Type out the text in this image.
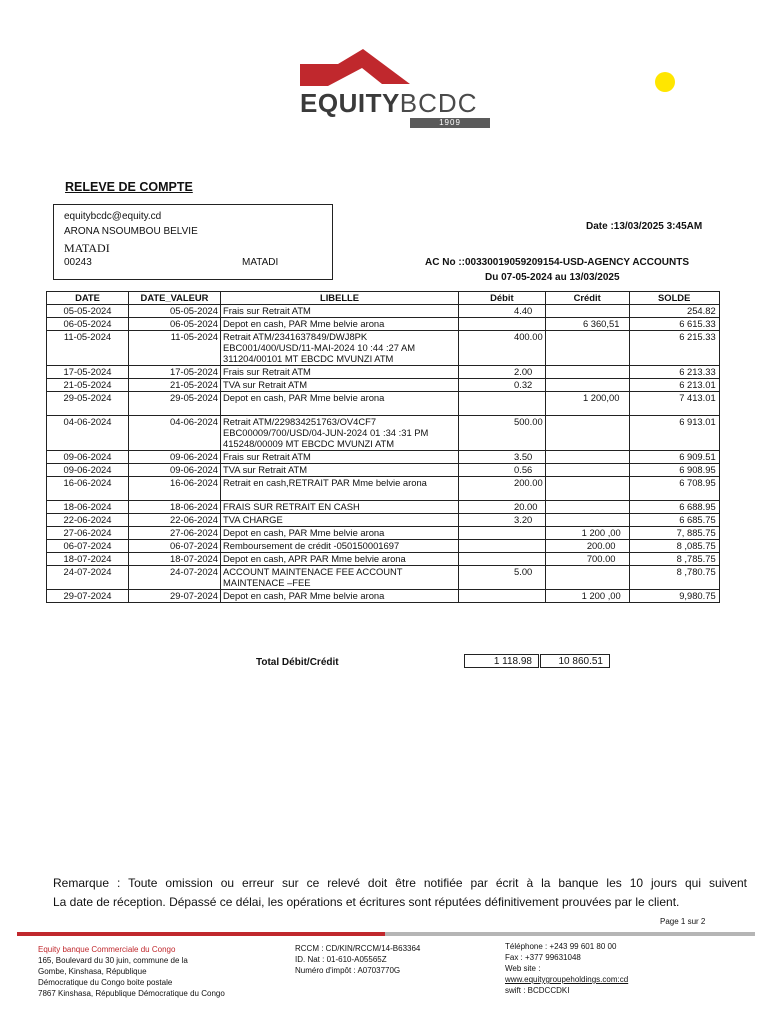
EQUITYBCDC
1909
RELEVE DE COMPTE
equitybcdc@equity.cd
ARONA NSOUMBOU BELVIE
MATADI
00243	MATADI
Date :13/03/2025 3:45AM
AC No ::00330019059209154-USD-AGENCY ACCOUNTS
Du 07-05-2024 au 13/03/2025
DATE	DATE_VALEUR	LIBELLE	Débit	Crédit	SOLDE
05-05-2024	05-05-2024	Frais sur Retrait ATM	4.40		254.82
06-05-2024	06-05-2024	Depot en cash, PAR Mme belvie arona		6 360,51	6 615.33
11-05-2024	11-05-2024	Retrait ATM/2341637849/DWJ8PK EBC001/400/USD/11-MAI-2024 10 :44 :27 AM 311204/00101 MT EBCDC MVUNZI ATM	400.00		6 215.33
17-05-2024	17-05-2024	Frais sur Retrait ATM	2.00		6 213.33
21-05-2024	21-05-2024	TVA sur Retrait ATM	0.32		6 213.01
29-05-2024	29-05-2024	Depot en cash, PAR Mme belvie arona		1 200,00	7 413.01
04-06-2024	04-06-2024	Retrait ATM/229834251763/OV4CF7 EBC00009/700/USD/04-JUN-2024 01 :34 :31 PM 415248/00009 MT EBCDC MVUNZI ATM	500.00		6 913.01
09-06-2024	09-06-2024	Frais sur Retrait ATM	3.50		6 909.51
09-06-2024	09-06-2024	TVA sur Retrait ATM	0.56		6 908.95
16-06-2024	16-06-2024	Retrait en cash,RETRAIT PAR Mme belvie arona	200.00		6 708.95
18-06-2024	18-06-2024	FRAIS SUR RETRAIT EN CASH	20.00		6 688.95
22-06-2024	22-06-2024	TVA CHARGE	3.20		6 685.75
27-06-2024	27-06-2024	Depot en cash, PAR Mme belvie arona		1 200 ,00	7, 885.75
06-07-2024	06-07-2024	Remboursement de crédit -050150001697		200.00	8 ,085.75
18-07-2024	18-07-2024	Depot en cash, APR PAR Mme belvie arona		700.00	8 ,785.75
24-07-2024	24-07-2024	ACCOUNT MAINTENACE FEE ACCOUNT MAINTENACE –FEE	5.00		8 ,780.75
29-07-2024	29-07-2024	Depot en cash, PAR Mme belvie arona		1 200 ,00	9,980.75
Total Débit/Crédit	1 118.98	10 860.51
Remarque : Toute omission ou erreur sur ce relevé doit être notifiée par écrit à la banque les 10 jours qui suivent
La date de réception. Dépassé ce délai, les opérations et écritures sont réputées définitivement prouvées par le client.
Page 1 sur 2
Equity banque Commerciale du Congo
165, Boulevard du 30 juin, commune de la
Gombe, Kinshasa, République
Démocratique du Congo boite postale
7867 Kinshasa, République Démocratique du Congo
RCCM : CD/KIN/RCCM/14-B63364
ID. Nat : 01-610-A05565Z
Numéro d'impôt : A0703770G
Téléphone : +243 99 601 80 00
Fax : +377 99631048
Web site :
www.equitygroupeholdings.com:cd
swift : BCDCCDKI
